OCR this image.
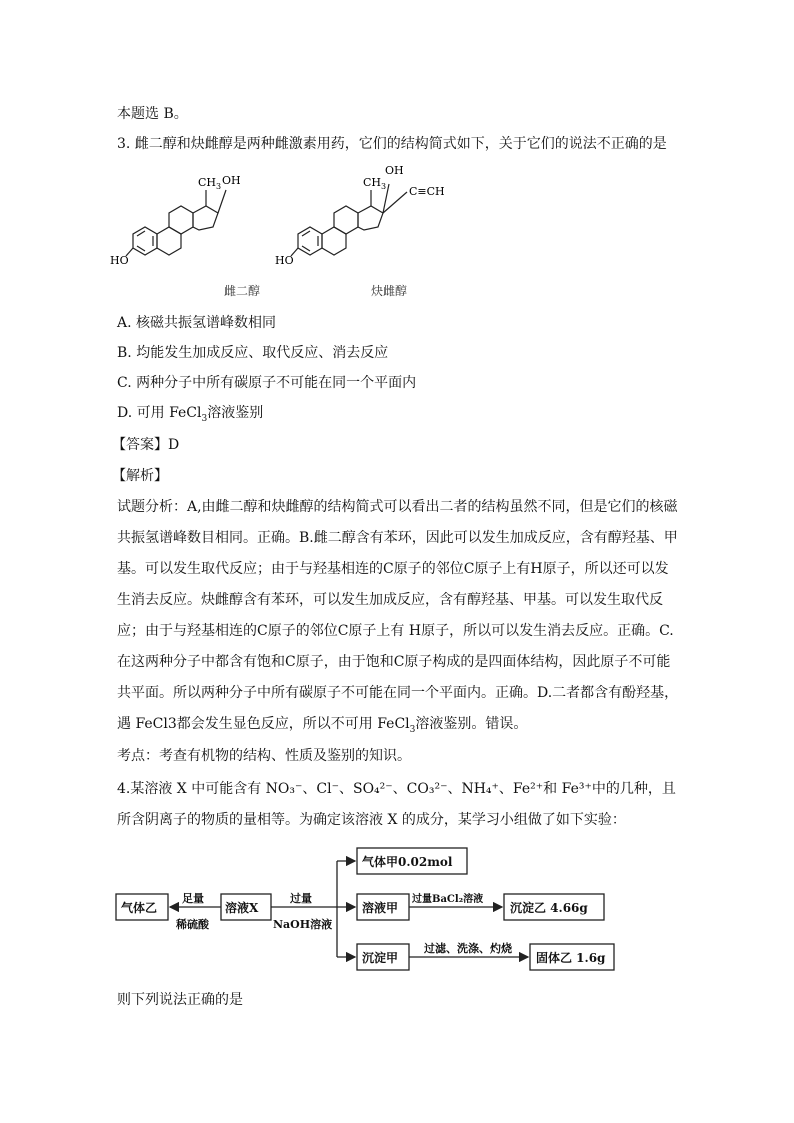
本题选 B。
3. 雌二醇和炔雌醇是两种雌激素用药，它们的结构简式如下，关于它们的说法不正确的是
$CH_3$ OH
HO
$CH_3$
OH
C≡CH
HO
雌二醇	炔雌醇
A. 核磁共振氢谱峰数相同
B. 均能发生加成反应、取代反应、消去反应
C. 两种分子中所有碳原子不可能在同一个平面内
D. 可用 FeCl$_3$溶液鉴别
【答案】D
【解析】

试题分析：A,由雌二醇和炔雌醇的结构简式可以看出二者的结构虽然不同，但是它们的核磁共振氢谱峰数目相同。正确。B.雌二醇含有苯环，因此可以发生加成反应，含有醇羟基、甲基。可以发生取代反应；由于与羟基相连的C原子的邻位C原子上有H原子，所以还可以发生消去反应。炔雌醇含有苯环，可以发生加成反应，含有醇羟基、甲基。可以发生取代反应；由于与羟基相连的C原子的邻位C原子上有 H原子，所以可以发生消去反应。正确。C. 在这两种分子中都含有饱和C原子，由于饱和C原子构成的是四面体结构，因此原子不可能共平面。所以两种分子中所有碳原子不可能在同一个平面内。正确。D.二者都含有酚羟基，遇 FeCl3都会发生显色反应，所以不可用 FeCl$_3$溶液鉴别。错误。

考点：考查有机物的结构、性质及鉴别的知识。
4.某溶液 X 中可能含有 NO₃⁻、Cl⁻、SO₄²⁻、CO₃²⁻、NH₄⁺、Fe²⁺和 Fe³⁺中的几种，且所含阴离子的物质的量相等。为确定该溶液 X 的成分，某学习小组做了如下实验：
气体甲0.02mol
气体乙	溶液X	溶液甲	沉淀乙 4.66g
沉淀甲	固体乙 1.6g
足量
稀硫酸
过量
NaOH溶液
过量BaCl₂溶液
过滤、洗涤、灼烧
则下列说法正确的是
